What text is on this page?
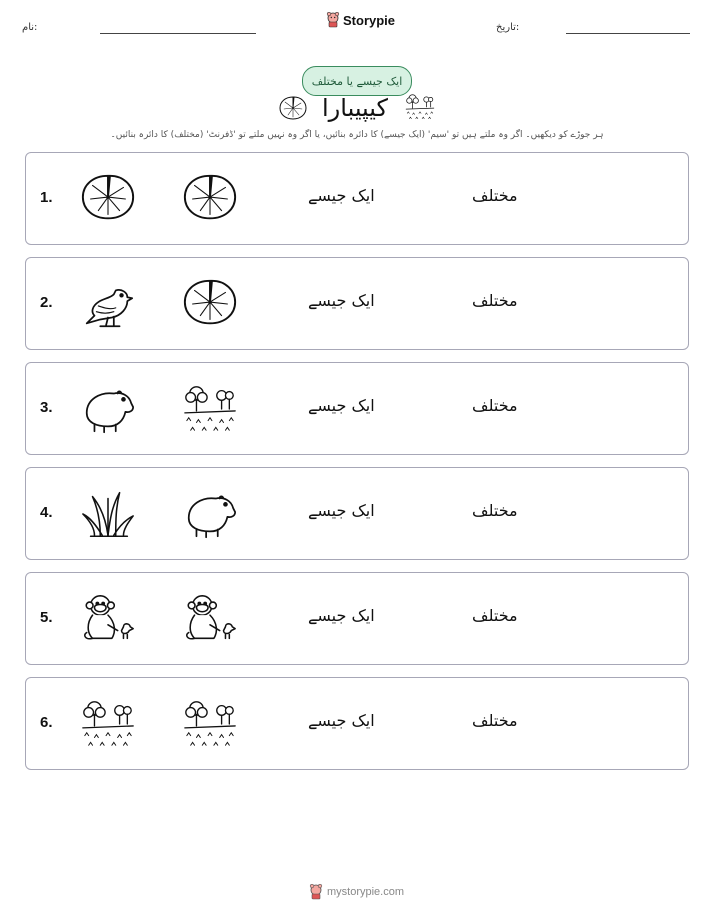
نام:	Storypie	تاریخ:
ایک جیسے یا مختلف
کیپیبارا
ہر جوڑے کو دیکھیں۔ اگر وہ ملتے ہیں تو 'سیم' (ایک جیسے) کا دائرہ بنائیں، یا اگر وہ نہیں ملتے تو 'ڈفرنٹ' (مختلف) کا دائرہ بنائیں۔
1.	ایک جیسے	مختلف
2.	ایک جیسے	مختلف
3.	ایک جیسے	مختلف
4.	ایک جیسے	مختلف
5.	ایک جیسے	مختلف
6.	ایک جیسے	مختلف
mystorypie.com
